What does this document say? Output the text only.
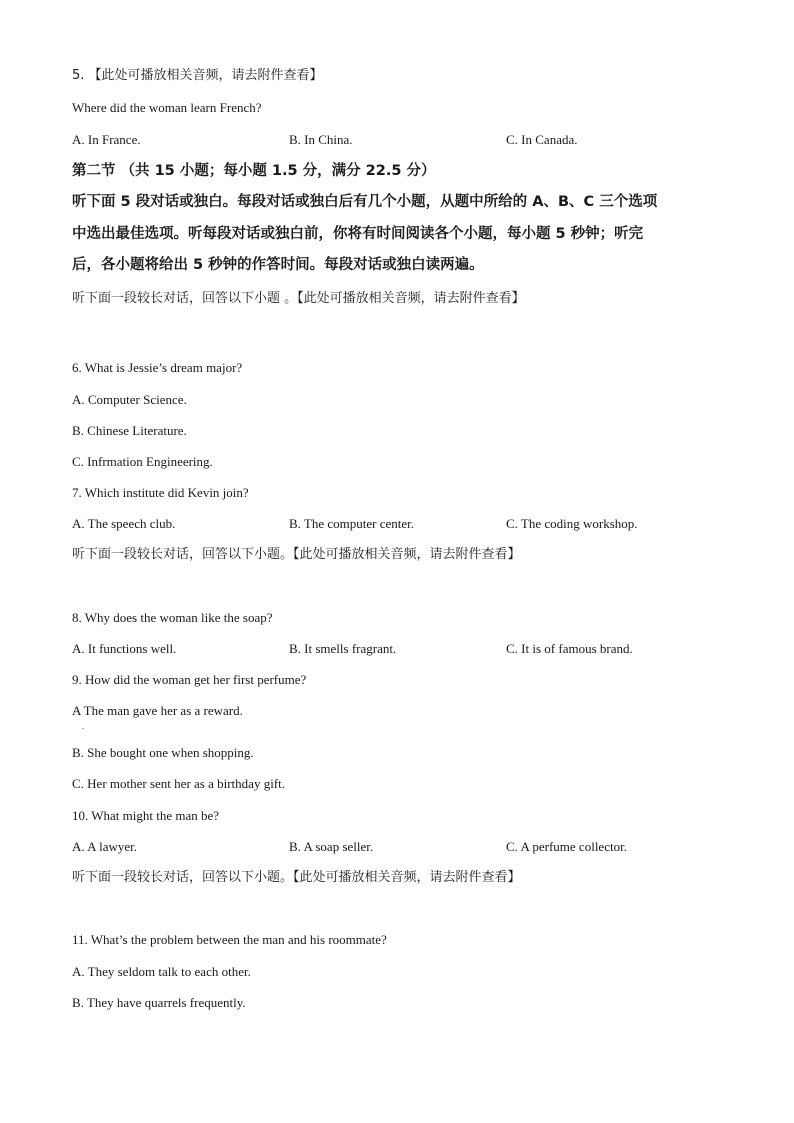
5. 【此处可播放相关音频，请去附件查看】
Where did the woman learn French?
A. In France.	B. In China.	C. In Canada.
第二节 （共 15 小题；每小题 1.5 分，满分 22.5 分）
听下面 5 段对话或独白。每段对话或独白后有几个小题，从题中所给的 A、B、C 三个选项
中选出最佳选项。听每段对话或独白前，你将有时间阅读各个小题，每小题 5 秒钟；听完
后，各小题将给出 5 秒钟的作答时间。每段对话或独白读两遍。
听下面一段较长对话，回答以下小题 。【此处可播放相关音频，请去附件查看】
6. What is Jessie’s dream major?
A. Computer Science.
B. Chinese Literature.
C. Infrmation Engineering.
7. Which institute did Kevin join?
A. The speech club.	B. The computer center.	C. The coding workshop.
听下面一段较长对话，回答以下小题。【此处可播放相关音频，请去附件查看】
8. Why does the woman like the soap?
A. It functions well.	B. It smells fragrant.	C. It is of famous brand.
9. How did the woman get her first perfume?
A The man gave her as a reward.
.
B. She bought one when shopping.
C. Her mother sent her as a birthday gift.
10. What might the man be?
A. A lawyer.	B. A soap seller.	C. A perfume collector.
听下面一段较长对话，回答以下小题。【此处可播放相关音频，请去附件查看】
11. What’s the problem between the man and his roommate?
A. They seldom talk to each other.
B. They have quarrels frequently.
